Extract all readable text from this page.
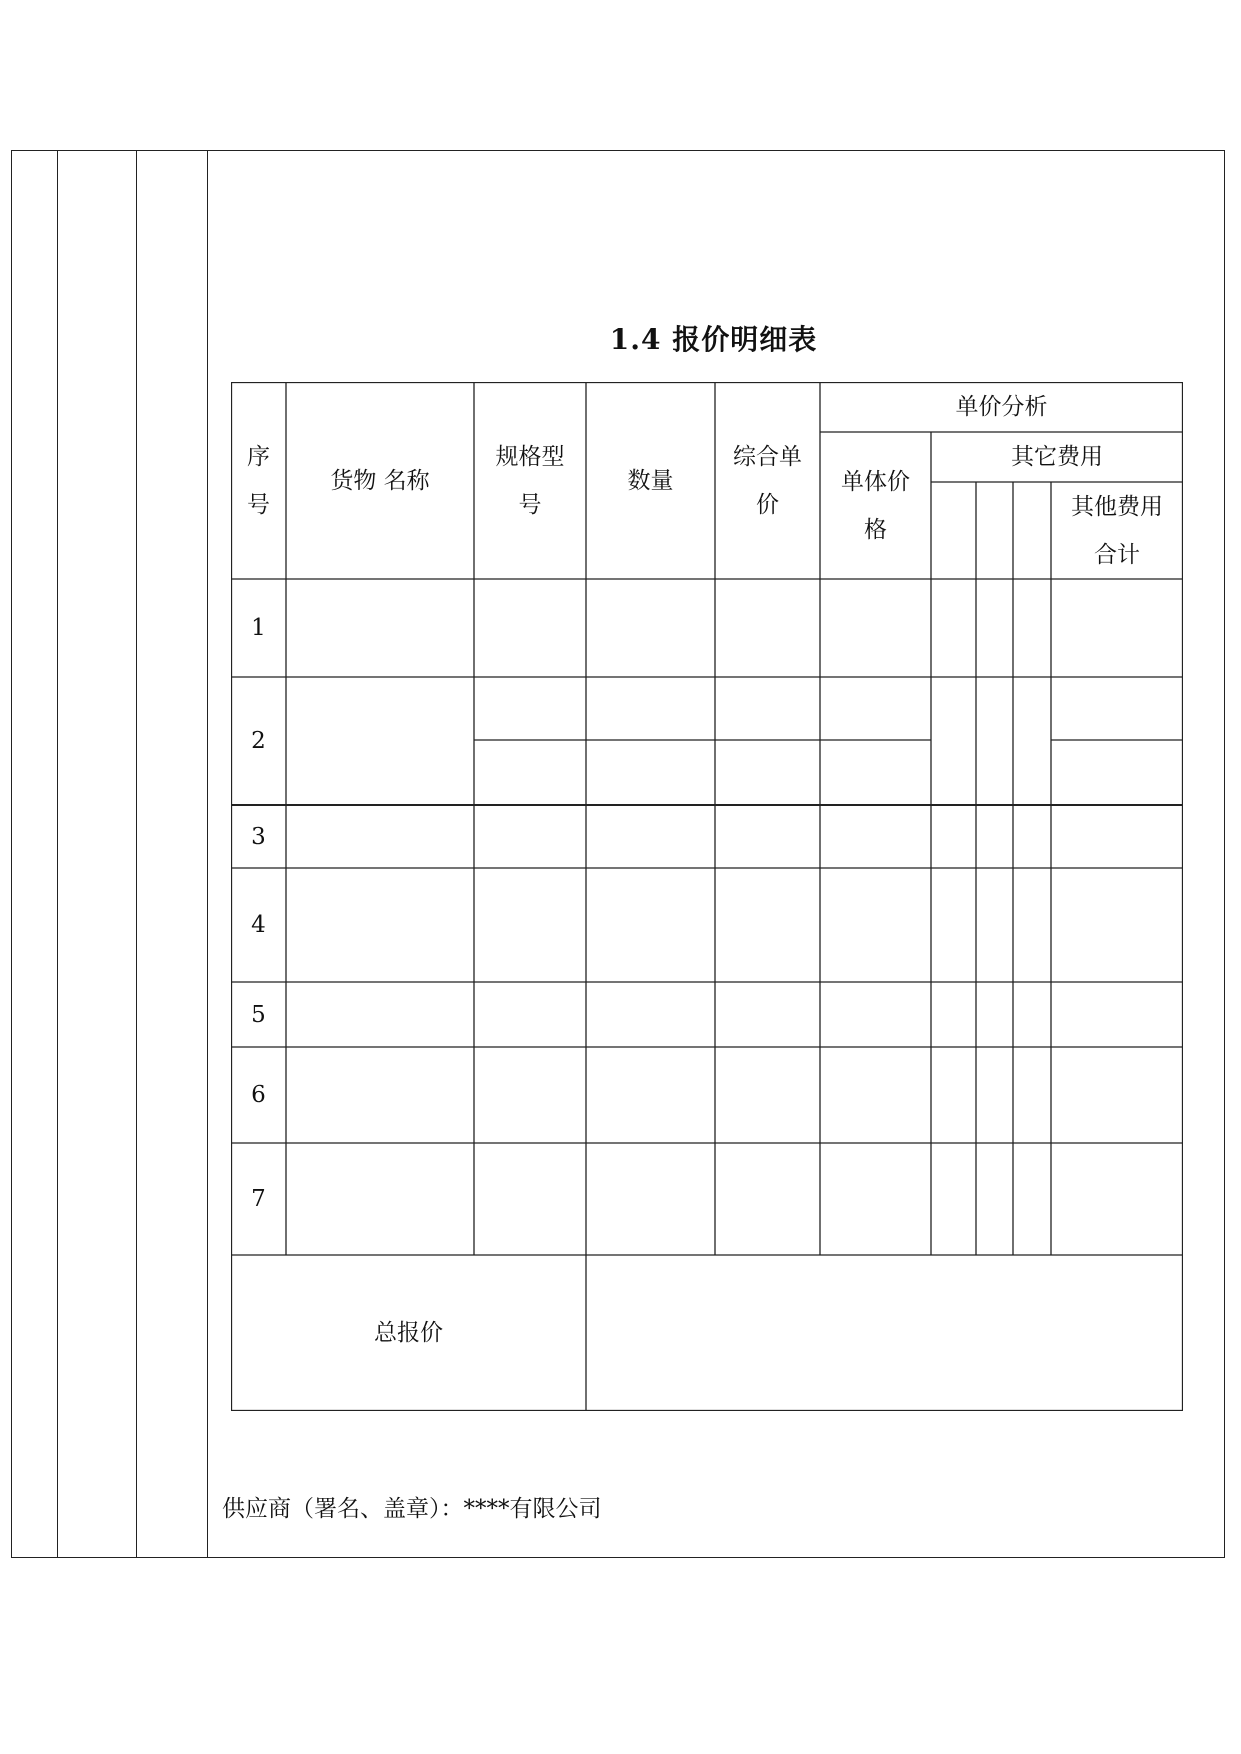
1.4 报价明细表
序
号
货物 名称
规格型
号
数量
综合单
价
单价分析
单体价
格
其它费用
其他费用
合计
1
2
3
4
5
6
7
总报价
供应商（署名、盖章）：****有限公司
